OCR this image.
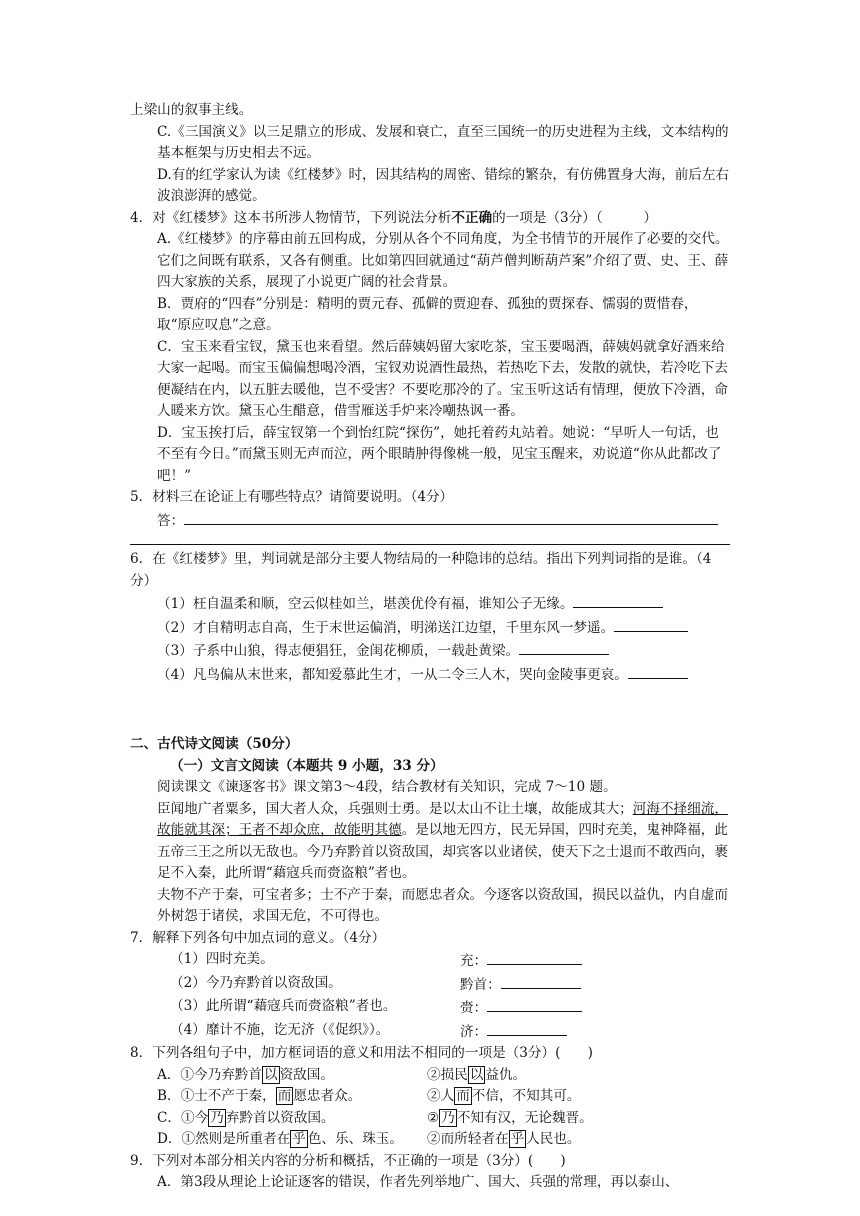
上梁山的叙事主线。

C.《三国演义》以三足鼎立的形成、发展和衰亡，直至三国统一的历史进程为主线，文本结构的基本框架与历史相去不远。

D.有的红学家认为读《红楼梦》时，因其结构的周密、错综的繁杂，有仿佛置身大海，前后左右波浪澎湃的感觉。

4．对《红楼梦》这本书所涉人物情节，下列说法分析不正确的一项是（3分）（　　　）

A.《红楼梦》的序幕由前五回构成，分别从各个不同角度，为全书情节的开展作了必要的交代。它们之间既有联系，又各有侧重。比如第四回就通过“葫芦僧判断葫芦案”介绍了贾、史、王、薛四大家族的关系，展现了小说更广阔的社会背景。

B．贾府的“四春”分别是：精明的贾元春、孤僻的贾迎春、孤独的贾探春、懦弱的贾惜春，取“原应叹息”之意。

C．宝玉来看宝钗，黛玉也来看望。然后薛姨妈留大家吃茶，宝玉要喝酒，薛姨妈就拿好酒来给大家一起喝。而宝玉偏偏想喝冷酒，宝钗劝说酒性最热，若热吃下去，发散的就快，若冷吃下去便凝结在内，以五脏去暖他，岂不受害？不要吃那冷的了。宝玉听这话有情理，便放下冷酒，命人暖来方饮。黛玉心生醋意，借雪雁送手炉来冷嘲热讽一番。

D．宝玉挨打后，薛宝钗第一个到怡红院“探伤”，她托着药丸站着。她说：“早听人一句话，也不至有今日。”而黛玉则无声而泣，两个眼睛肿得像桃一般，见宝玉醒来，劝说道“你从此都改了吧！”

5．材料三在论证上有哪些特点？请简要说明。（4分）

答：

6．在《红楼梦》里，判词就是部分主要人物结局的一种隐讳的总结。指出下列判词指的是谁。（4分）

（1）枉自温柔和顺，空云似桂如兰，堪羡优伶有福，谁知公子无缘。

（2）才自精明志自高，生于末世运偏消，明涕送江边望，千里东风一梦遥。

（3）子系中山狼，得志便猖狂，金闺花柳质，一载赴黄梁。

（4）凡鸟偏从末世来，都知爱慕此生才，一从二令三人木，哭向金陵事更哀。

二、古代诗文阅读（50分）

（一）文言文阅读（本题共 9 小题，33 分）

阅读课文《谏逐客书》课文第3～4段，结合教材有关知识，完成 7～10 题。

臣闻地广者粟多，国大者人众，兵强则士勇。是以太山不让土壤，故能成其大；河海不择细流，故能就其深；王者不却众庶，故能明其德。是以地无四方，民无异国，四时充美，鬼神降福，此五帝三王之所以无敌也。今乃弃黔首以资敌国，却宾客以业诸侯，使天下之士退而不敢西向，裹足不入秦，此所谓“藉寇兵而赍盗粮”者也。

夫物不产于秦，可宝者多；士不产于秦，而愿忠者众。今逐客以资敌国，损民以益仇，内自虚而外树怨于诸侯，求国无危，不可得也。

7．解释下列各句中加点词的意义。（4分）

（1）四时充美。	充：
（2）今乃弃黔首以资敌国。	黔首：
（3）此所谓“藉寇兵而赍盗粮”者也。	赍：
（4）靡计不施，讫无济（《促织》）。	济：

8．下列各组句子中，加方框词语的意义和用法不相同的一项是（3分）(　　)

A．①今乃弃黔首 以 资敌国。	②损民 以 益仇。
B．①士不产于秦， 而 愿忠者众。	②人 而 不信，不知其可。
C．①今 乃 弃黔首以资敌国。	② 乃 不知有汉，无论魏晋。
D．①然则是所重者在 乎 色、乐、珠玉。	②而所轻者在 乎 人民也。

9．下列对本部分相关内容的分析和概括，不正确的一项是（3分）(　　)

A．第3段从理论上论证逐客的错误，作者先列举地广、国大、兵强的常理，再以泰山、
